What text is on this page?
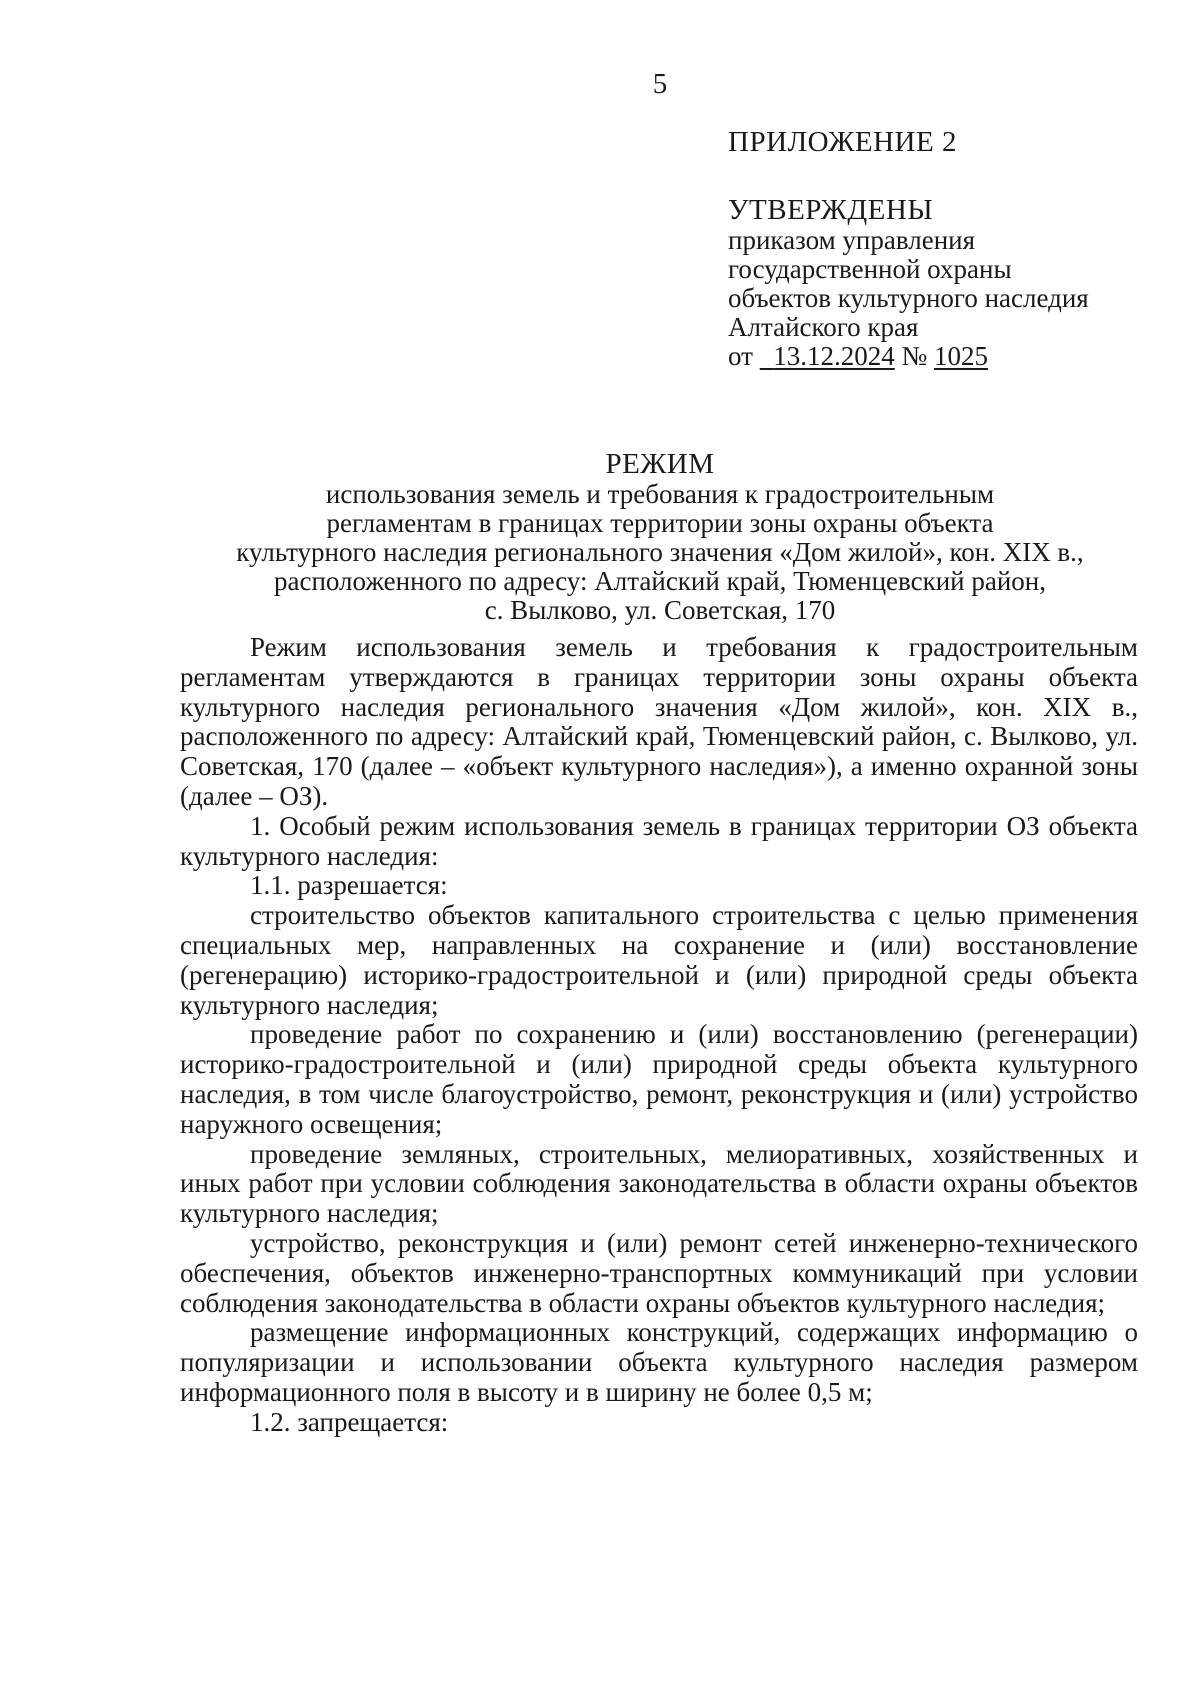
5
ПРИЛОЖЕНИЕ 2
УТВЕРЖДЕНЫ
приказом управления
государственной охраны
объектов культурного наследия
Алтайского края
от 13.12.2024 № 1025
РЕЖИМ
использования земель и требования к градостроительным
регламентам в границах территории зоны охраны объекта
культурного наследия регионального значения «Дом жилой», кон. XIX в.,
расположенного по адресу: Алтайский край, Тюменцевский район,
с. Вылково, ул. Советская, 170

Режим использования земель и требования к градостроительным регламентам утверждаются в границах территории зоны охраны объекта культурного наследия регионального значения «Дом жилой», кон. XIX в., расположенного по адресу: Алтайский край, Тюменцевский район, с. Вылково, ул. Советская, 170 (далее – «объект культурного наследия»), а именно охранной зоны (далее – ОЗ).

1. Особый режим использования земель в границах территории ОЗ объекта культурного наследия:

1.1. разрешается:

строительство объектов капитального строительства с целью применения специальных мер, направленных на сохранение и (или) восстановление (регенерацию) историко-градостроительной и (или) природной среды объекта культурного наследия;

проведение работ по сохранению и (или) восстановлению (регенерации) историко-градостроительной и (или) природной среды объекта культурного наследия, в том числе благоустройство, ремонт, реконструкция и (или) устройство наружного освещения;

проведение земляных, строительных, мелиоративных, хозяйственных и иных работ при условии соблюдения законодательства в области охраны объектов культурного наследия;

устройство, реконструкция и (или) ремонт сетей инженерно-технического обеспечения, объектов инженерно-транспортных коммуникаций при условии соблюдения законодательства в области охраны объектов культурного наследия;

размещение информационных конструкций, содержащих информацию о популяризации и использовании объекта культурного наследия размером информационного поля в высоту и в ширину не более 0,5 м;

1.2. запрещается:
